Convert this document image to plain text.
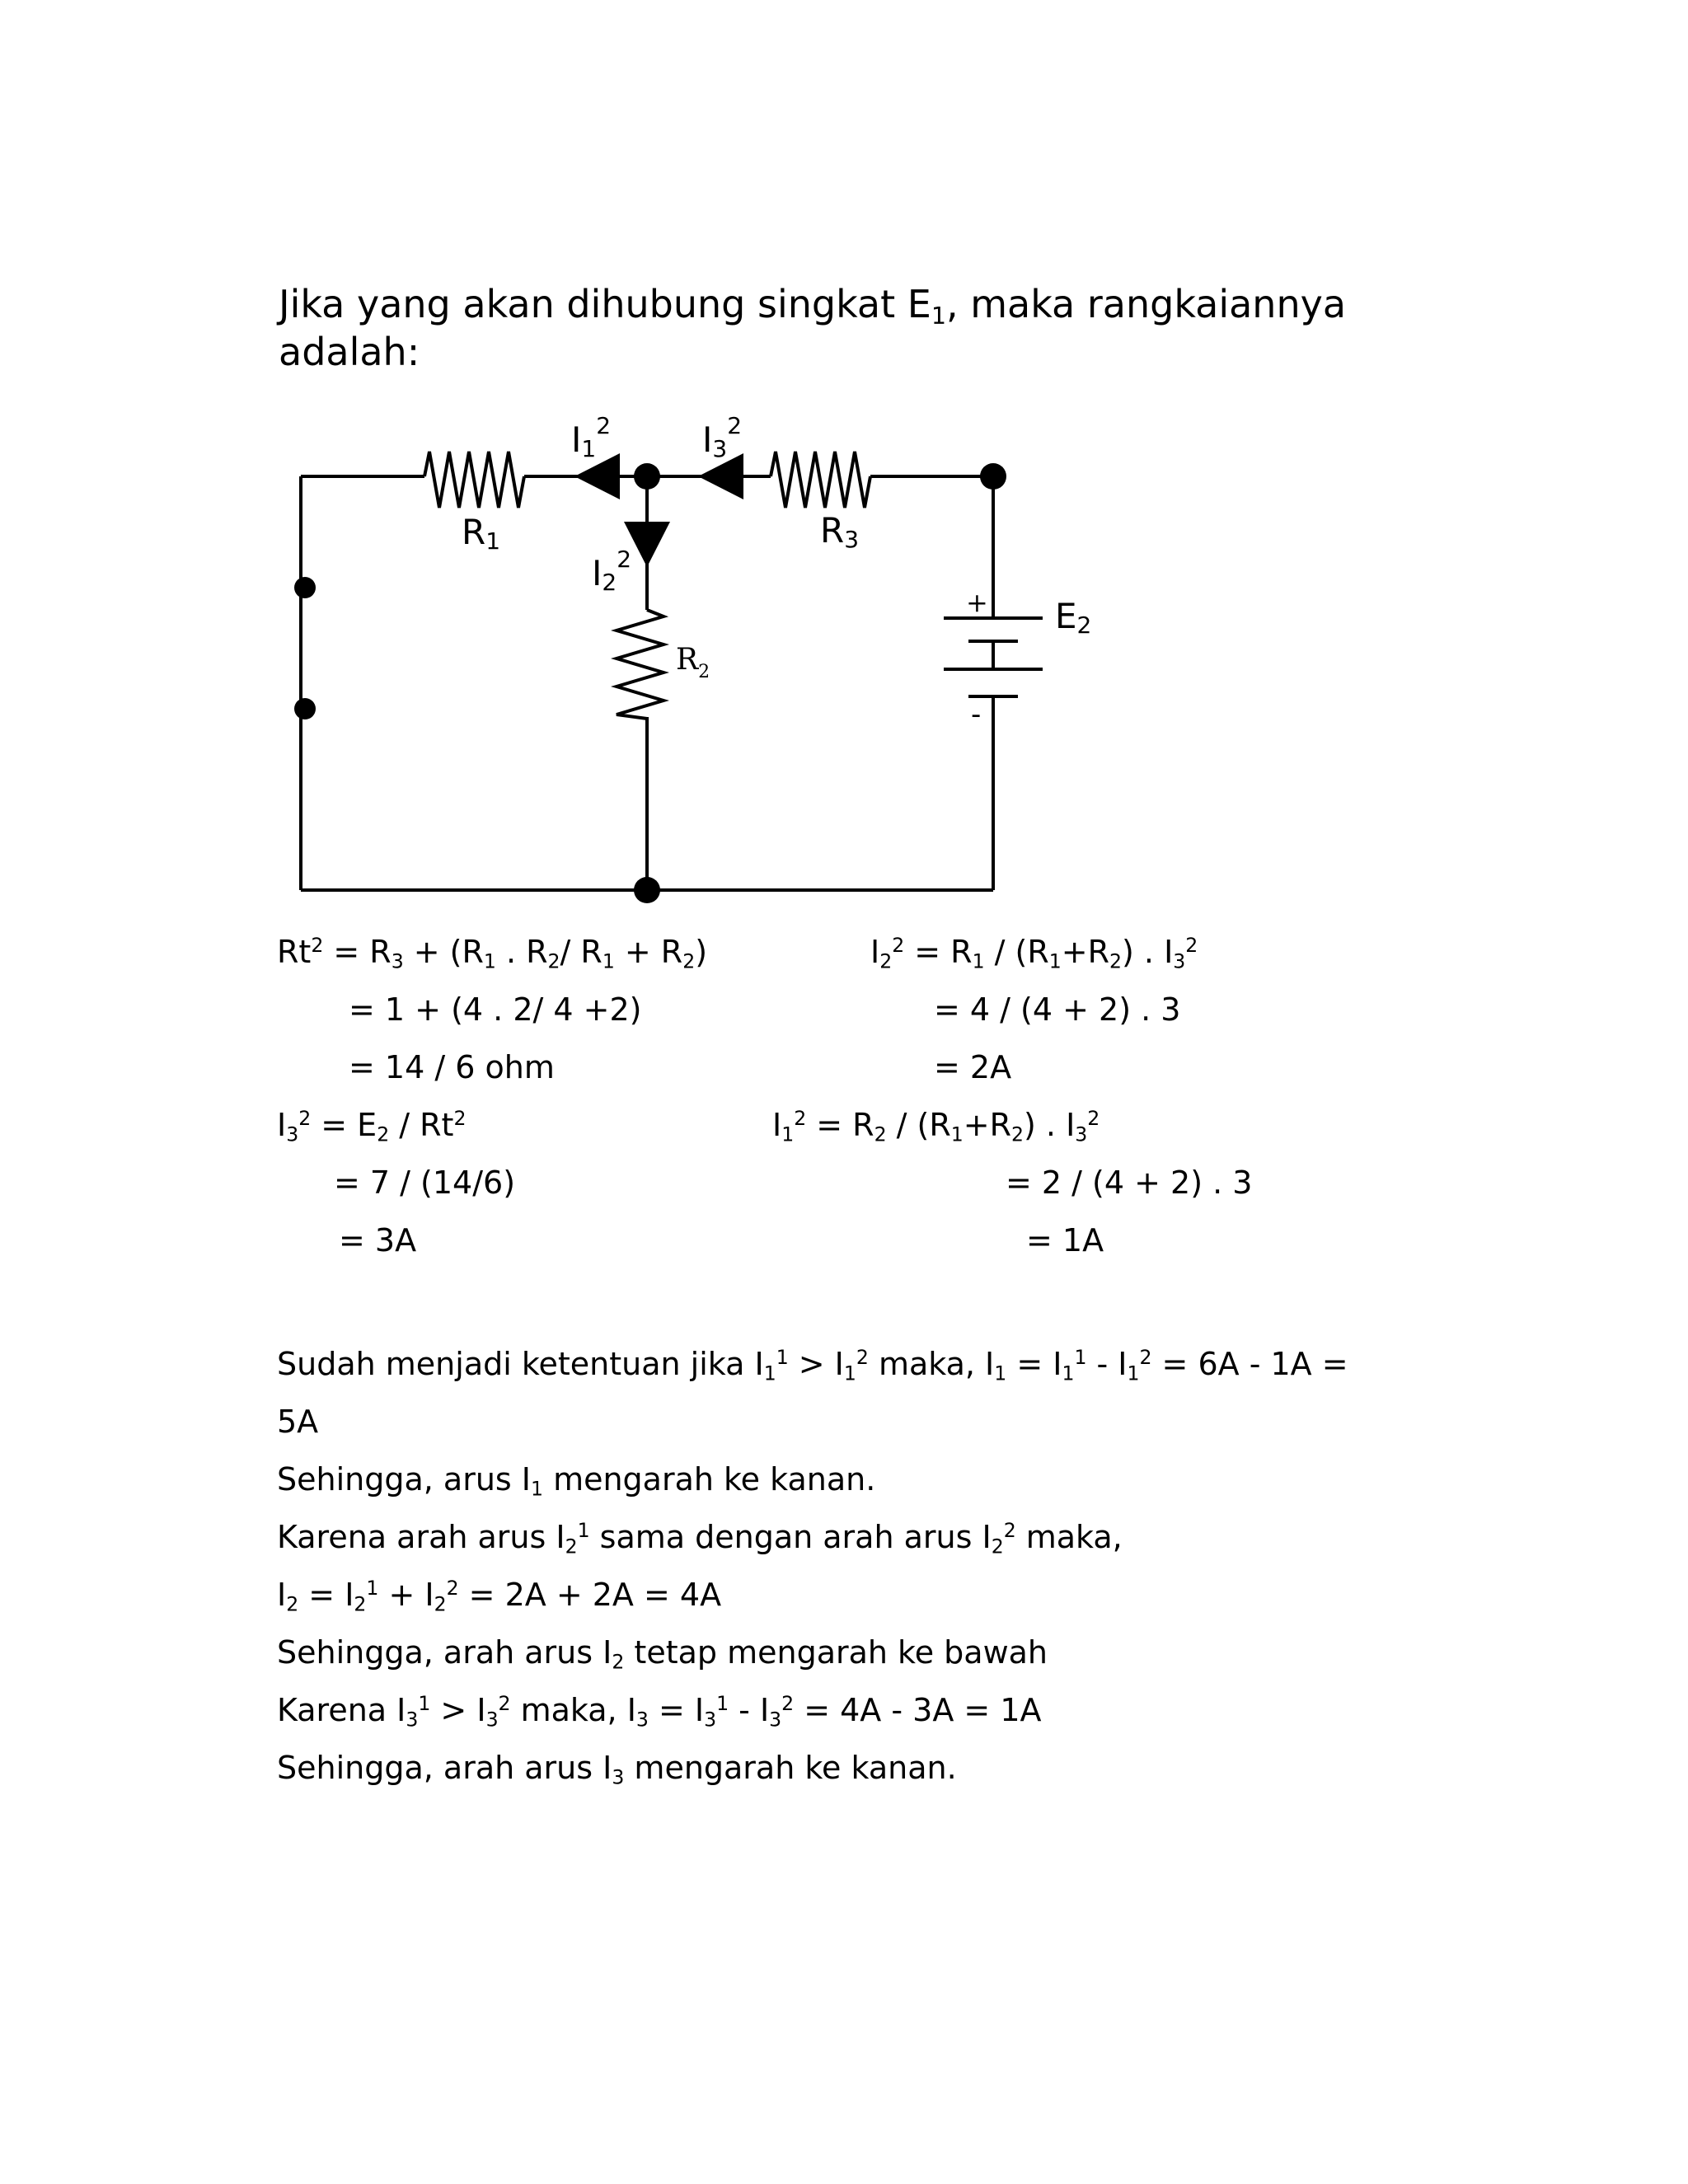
Jika yang akan dihubung singkat $E_1$, maka rangkaiannya
adalah:
R1	R3
$R_2$
E2
$I1^2$	$I3^2$
$I2^2$
+
-
$Rt^2 = R_3 + (R_1$ . $R_2/$ $R_1 + R_2$)
= 1 + (4 . 2/ 4 +2)
= 14 / 6 ohm
$I_3^2 = E_2 / Rt^2$
= 7 / (14/6)
= 3A
$I_2^2 = R_1 / (R_1+R_2)$ . $I_3^2$
= 4 / (4 + 2) . 3
= 2A
$I_1^2 = R_2 / (R_1+R_2)$ . $I_3^2$
= 2 / (4 + 2) . 3
= 1A
Sudah menjadi ketentuan jika $I_1^1 > I_1^2$ maka, $I_1 = I_1^1 - I_1^2 = 6A - 1A$ =
5A
Sehingga, arus $I_1$ mengarah ke kanan.
Karena arah arus $I_2^1$ sama dengan arah arus $I_2^2$ maka,
$I_2 = I_2^1 + I_2^2 = 2A + 2A = 4A$
Sehingga, arah arus $I_2$ tetap mengarah ke bawah
Karena $I_3^1 > I_3^2$ maka, $I_3 = I_3^1 - I_3^2 = 4A - 3A = 1A$
Sehingga, arah arus $I_3$ mengarah ke kanan.
